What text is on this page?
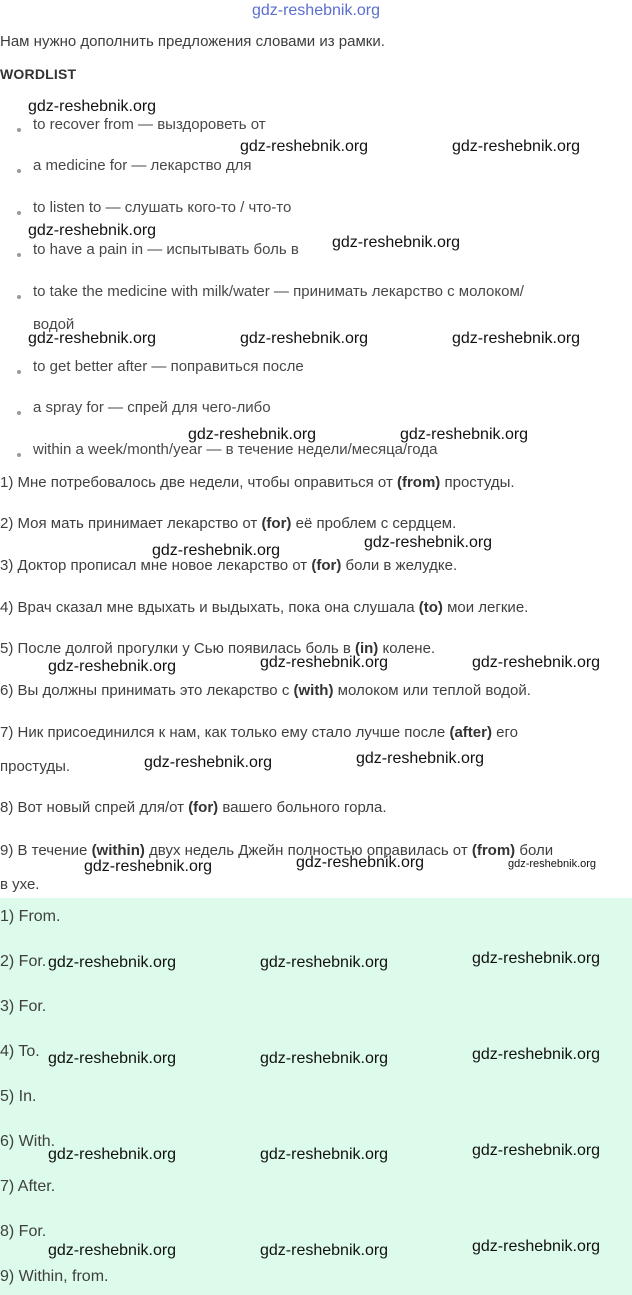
gdz-reshebnik.org
Нам нужно дополнить предложения словами из рамки.
WORDLIST
to recover from — выздороветь от
a medicine for — лекарство для
to listen to — слушать кого-то / что-то
to have a pain in — испытывать боль в
to take the medicine with milk/water — принимать лекарство с молоком/
водой
to get better after — поправиться после
a spray for — спрей для чего-либо
within a week/month/year — в течение недели/месяца/года
1) Мне потребовалось две недели, чтобы оправиться от (from) простуды.
2) Моя мать принимает лекарство от (for) её проблем с сердцем.
3) Доктор прописал мне новое лекарство от (for) боли в желудке.
4) Врач сказал мне вдыхать и выдыхать, пока она слушала (to) мои легкие.
5) После долгой прогулки у Сью появилась боль в (in) колене.
6) Вы должны принимать это лекарство с (with) молоком или теплой водой.
7) Ник присоединился к нам, как только ему стало лучше после (after) его
простуды.
8) Вот новый спрей для/от (for) вашего больного горла.
9) В течение (within) двух недель Джейн полностью оправилась от (from) боли
в ухе.
1) From.
2) For.
3) For.
4) To.
5) In.
6) With.
7) After.
8) For.
9) Within, from.
gdz-reshebnik.org
gdz-reshebnik.org	gdz-reshebnik.org
gdz-reshebnik.org
gdz-reshebnik.org
gdz-reshebnik.org	gdz-reshebnik.org	gdz-reshebnik.org
gdz-reshebnik.org	gdz-reshebnik.org
gdz-reshebnik.org	gdz-reshebnik.org
gdz-reshebnik.org	gdz-reshebnik.org	gdz-reshebnik.org
gdz-reshebnik.org	gdz-reshebnik.org
gdz-reshebnik.org	gdz-reshebnik.org	gdz-reshebnik.org
gdz-reshebnik.org	gdz-reshebnik.org	gdz-reshebnik.org
gdz-reshebnik.org	gdz-reshebnik.org	gdz-reshebnik.org
gdz-reshebnik.org	gdz-reshebnik.org	gdz-reshebnik.org
gdz-reshebnik.org	gdz-reshebnik.org	gdz-reshebnik.org
